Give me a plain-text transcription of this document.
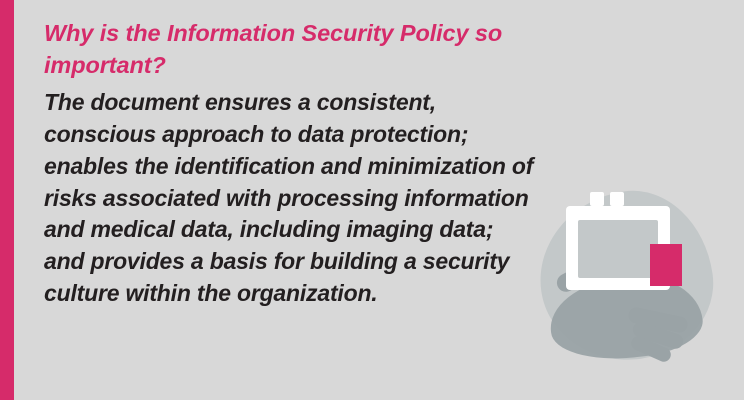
Why is the Information Security Policy so important?

The document ensures a consistent, conscious approach to data protection; enables the identification and minimization of risks associated with processing information and medical data, including imaging data; and provides a basis for building a security culture within the organization.
